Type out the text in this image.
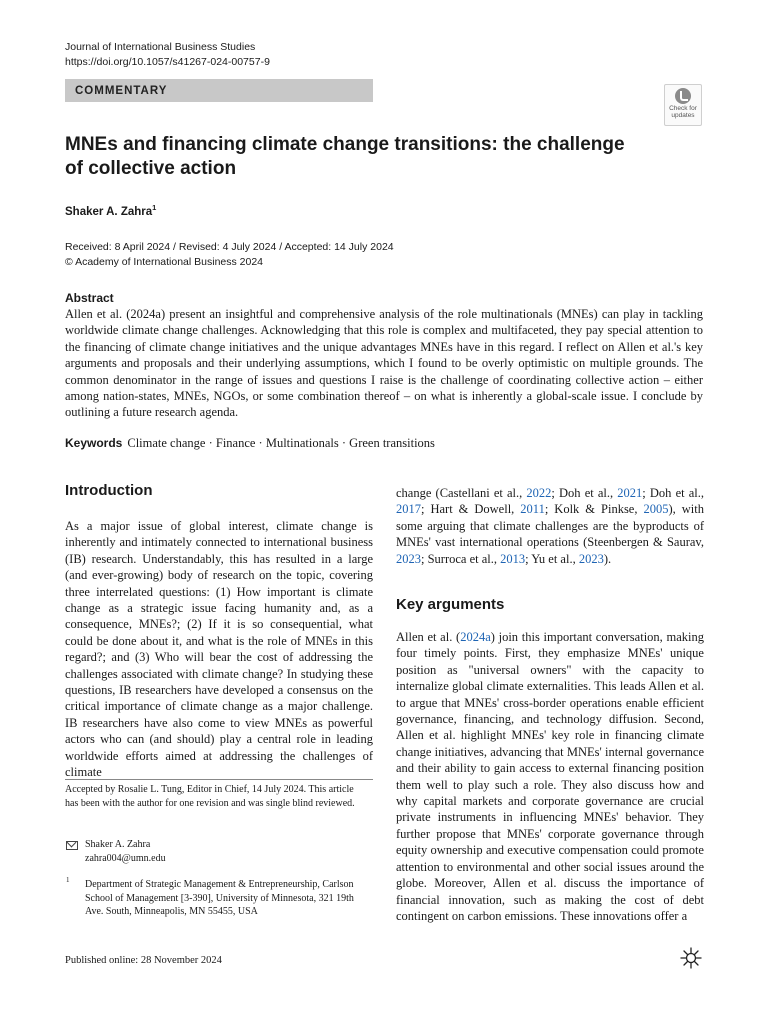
Journal of International Business Studies
https://doi.org/10.1057/s41267-024-00757-9
COMMENTARY
Check for
updates
MNEs and financing climate change transitions: the challenge of collective action
Shaker A. Zahra$^1$
Received: 8 April 2024 / Revised: 4 July 2024 / Accepted: 14 July 2024
© Academy of International Business 2024
Abstract
Allen et al. (2024a) present an insightful and comprehensive analysis of the role multinationals (MNEs) can play in tackling worldwide climate change challenges. Acknowledging that this role is complex and multifaceted, they pay special attention to the financing of climate change initiatives and the unique advantages MNEs have in this regard. I reflect on Allen et al.'s key arguments and proposals and their underlying assumptions, which I found to be overly optimistic on multiple grounds. The common denominator in the range of issues and questions I raise is the challenge of coordinating collective action – either among nation-states, MNEs, NGOs, or some combination thereof – on what is inherently a global-scale issue. I conclude by outlining a future research agenda.
Keywords Climate change · Finance · Multinationals · Green transitions
Introduction
As a major issue of global interest, climate change is inherently and intimately connected to international business (IB) research. Understandably, this has resulted in a large (and ever-growing) body of research on the topic, covering three interrelated questions: (1) How important is climate change as a strategic issue facing humanity and, as a consequence, MNEs?; (2) If it is so consequential, what could be done about it, and what is the role of MNEs in this regard?; and (3) Who will bear the cost of addressing the challenges associated with climate change? In studying these questions, IB researchers have developed a consensus on the critical importance of climate change as a major challenge. IB researchers have also come to view MNEs as powerful actors who can (and should) play a central role in leading worldwide efforts aimed at addressing the challenges of climate
change (Castellani et al., 2022; Doh et al., 2021; Doh et al., 2017; Hart & Dowell, 2011; Kolk & Pinkse, 2005), with some arguing that climate challenges are the byproducts of MNEs' vast international operations (Steenbergen & Saurav, 2023; Surroca et al., 2013; Yu et al., 2023).
Key arguments
Allen et al. (2024a) join this important conversation, making four timely points. First, they emphasize MNEs' unique position as "universal owners" with the capacity to internalize global climate externalities. This leads Allen et al. to argue that MNEs' cross-border operations enable efficient governance, financing, and technology diffusion. Second, Allen et al. highlight MNEs' key role in financing climate change initiatives, advancing that MNEs' internal governance and their ability to gain access to external financing position them well to play such a role. They also discuss how and why capital markets and corporate governance are crucial private instruments in influencing MNEs' behavior. They further propose that MNEs' corporate governance through equity ownership and executive compensation could promote attention to environmental and other social issues around the globe. Moreover, Allen et al. discuss the importance of financial innovation, such as making the cost of debt contingent on carbon emissions. These innovations offer a
Accepted by Rosalie L. Tung, Editor in Chief, 14 July 2024. This article has been with the author for one revision and was single blind reviewed.
Shaker A. Zahra
zahra004@umn.edu
1 Department of Strategic Management & Entrepreneurship, Carlson School of Management [3-390], University of Minnesota, 321 19th Ave. South, Minneapolis, MN 55455, USA
Published online: 28 November 2024
